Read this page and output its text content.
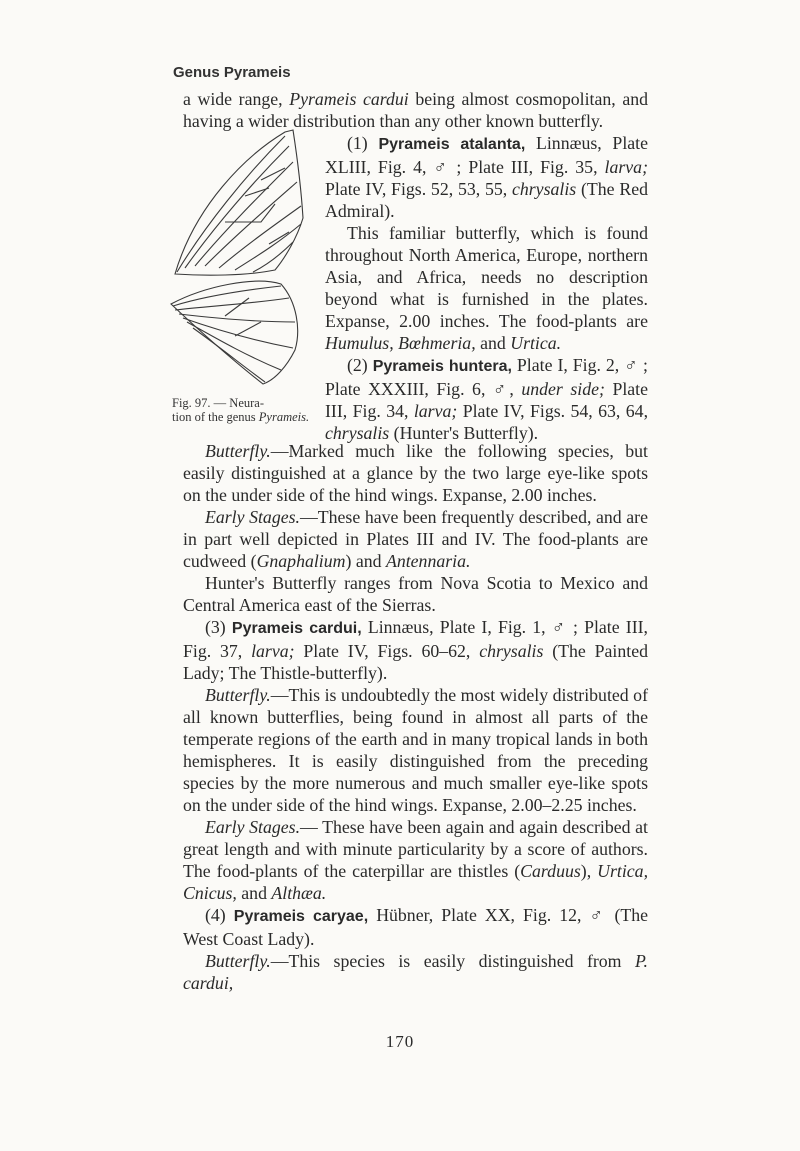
Genus Pyrameis

a wide range, Pyrameis cardui being almost cosmopolitan, and having a wider distribution than any other known butterfly.

Fig. 97. — Neura-
tion of the genus Pyrameis.

(1) Pyrameis atalanta, Linnæus, Plate XLIII, Fig. 4, ♂ ; Plate III, Fig. 35, larva; Plate IV, Figs. 52, 53, 55, chrysalis (The Red Admiral).

This familiar butterfly, which is found throughout North America, Europe, northern Asia, and Africa, needs no description beyond what is furnished in the plates. Expanse, 2.00 inches. The food-plants are Humulus, Bœhmeria, and Urtica.

(2) Pyrameis huntera, Plate I, Fig. 2, ♂ ; Plate XXXIII, Fig. 6, ♂, under side; Plate III, Fig. 34, larva; Plate IV, Figs. 54, 63, 64, chrysalis (Hunter's Butterfly).

Butterfly.—Marked much like the following species, but easily distinguished at a glance by the two large eye-like spots on the under side of the hind wings. Expanse, 2.00 inches.

Early Stages.—These have been frequently described, and are in part well depicted in Plates III and IV. The food-plants are cudweed (Gnaphalium) and Antennaria.

Hunter's Butterfly ranges from Nova Scotia to Mexico and Central America east of the Sierras.

(3) Pyrameis cardui, Linnæus, Plate I, Fig. 1, ♂ ; Plate III, Fig. 37, larva; Plate IV, Figs. 60–62, chrysalis (The Painted Lady; The Thistle-butterfly).

Butterfly.—This is undoubtedly the most widely distributed of all known butterflies, being found in almost all parts of the temperate regions of the earth and in many tropical lands in both hemispheres. It is easily distinguished from the preceding species by the more numerous and much smaller eye-like spots on the under side of the hind wings. Expanse, 2.00–2.25 inches.

Early Stages.— These have been again and again described at great length and with minute particularity by a score of authors. The food-plants of the caterpillar are thistles (Carduus), Urtica, Cnicus, and Althæa.

(4) Pyrameis caryae, Hübner, Plate XX, Fig. 12, ♂ (The West Coast Lady).

Butterfly.—This species is easily distinguished from P. cardui,

170
